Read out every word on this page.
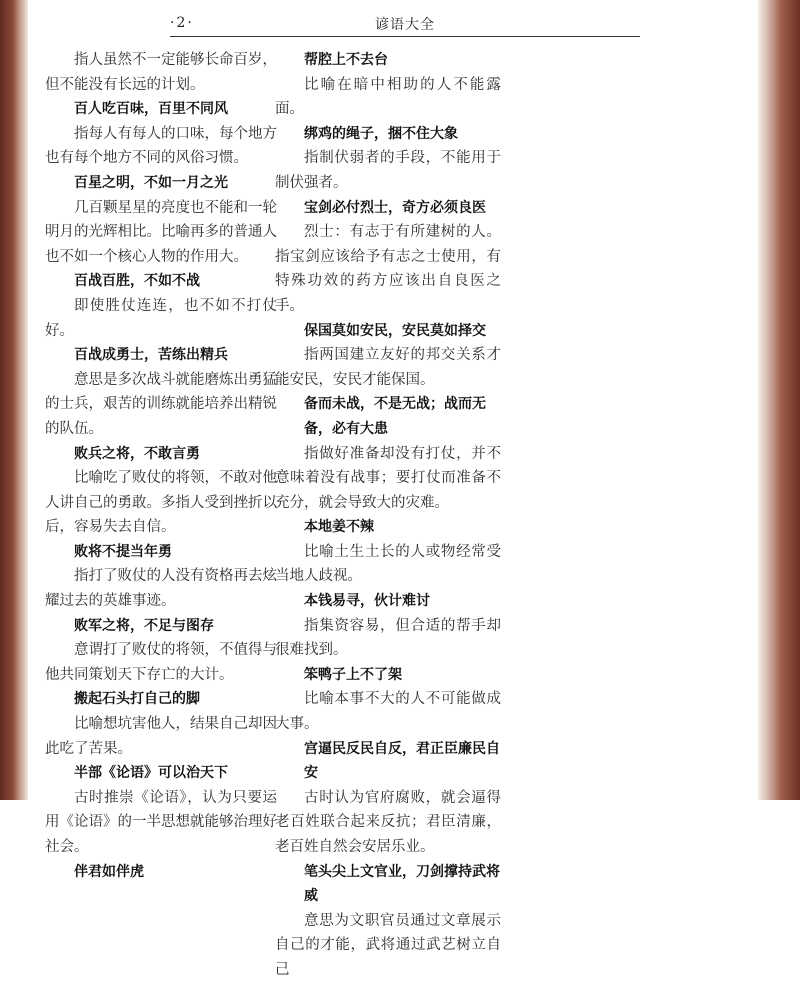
·2·	谚语大全

指人虽然不一定能够长命百岁，但不能没有长远的计划。

百人吃百味，百里不同风

指每人有每人的口味，每个地方也有每个地方不同的风俗习惯。

百星之明，不如一月之光

几百颗星星的亮度也不能和一轮明月的光辉相比。比喻再多的普通人也不如一个核心人物的作用大。

百战百胜，不如不战

即使胜仗连连，也不如不打仗好。

百战成勇士，苦练出精兵

意思是多次战斗就能磨炼出勇猛的士兵，艰苦的训练就能培养出精锐的队伍。

败兵之将，不敢言勇

比喻吃了败仗的将领，不敢对他人讲自己的勇敢。多指人受到挫折以后，容易失去自信。

败将不提当年勇

指打了败仗的人没有资格再去炫耀过去的英雄事迹。

败军之将，不足与图存

意谓打了败仗的将领，不值得与他共同策划天下存亡的大计。

搬起石头打自己的脚

比喻想坑害他人，结果自己却因此吃了苦果。

半部《论语》可以治天下

古时推崇《论语》，认为只要运用《论语》的一半思想就能够治理好社会。

伴君如伴虎

帮腔上不去台

比喻在暗中相助的人不能露面。

绑鸡的绳子，捆不住大象

指制伏弱者的手段，不能用于制伏强者。

宝剑必付烈士，奇方必须良医

烈士：有志于有所建树的人。指宝剑应该给予有志之士使用，有特殊功效的药方应该出自良医之手。

保国莫如安民，安民莫如择交

指两国建立友好的邦交关系才能安民，安民才能保国。

备而未战，不是无战；战而无备，必有大患

指做好准备却没有打仗，并不意味着没有战事；要打仗而准备不充分，就会导致大的灾难。

本地姜不辣

比喻土生土长的人或物经常受当地人歧视。

本钱易寻，伙计难讨

指集资容易，但合适的帮手却很难找到。

笨鸭子上不了架

比喻本事不大的人不可能做成大事。

宫逼民反民自反，君正臣廉民自安

古时认为官府腐败，就会逼得老百姓联合起来反抗；君臣清廉，老百姓自然会安居乐业。

笔头尖上文官业，刀剑撑持武将威

意思为文职官员通过文章展示自己的才能，武将通过武艺树立自己
